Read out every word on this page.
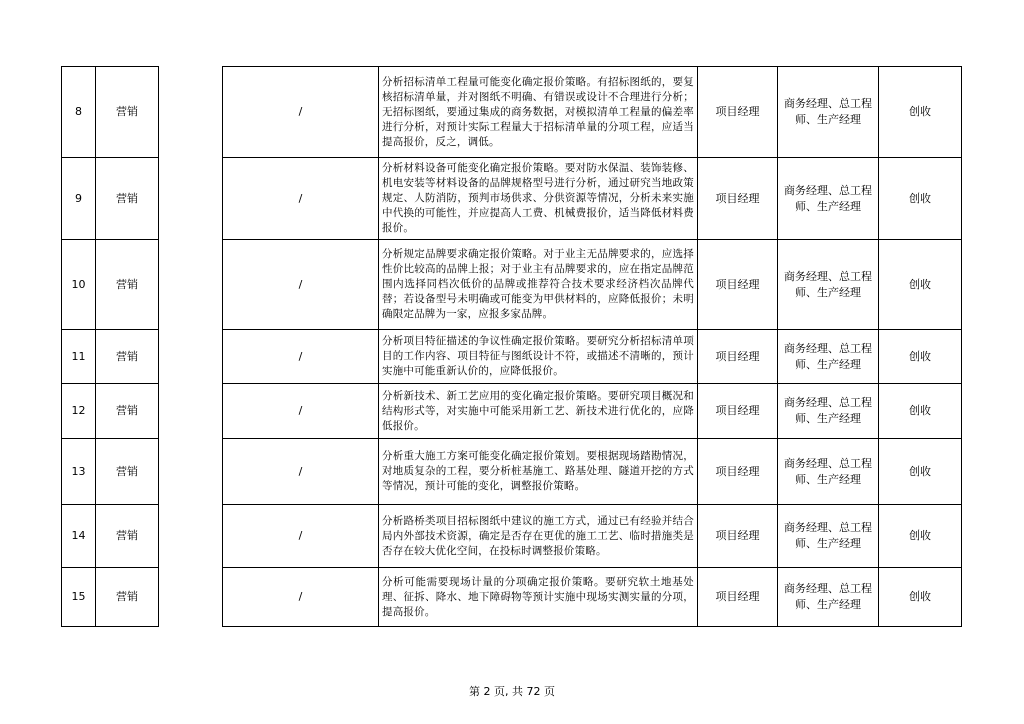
8	营销		/	分析招标清单工程量可能变化确定报价策略。有招标图纸的，要复核招标清单量，并对图纸不明确、有错误或设计不合理进行分析；无招标图纸，要通过集成的商务数据，对模拟清单工程量的偏差率进行分析，对预计实际工程量大于招标清单量的分项工程，应适当提高报价，反之，调低。	项目经理	商务经理、总工程师、生产经理	创收
9	营销		/	分析材料设备可能变化确定报价策略。要对防水保温、装饰装修、机电安装等材料设备的品牌规格型号进行分析，通过研究当地政策规定、人防消防，预判市场供求、分供资源等情况，分析未来实施中代换的可能性，并应提高人工费、机械费报价，适当降低材料费报价。	项目经理	商务经理、总工程师、生产经理	创收
10	营销		/	分析规定品牌要求确定报价策略。对于业主无品牌要求的，应选择性价比较高的品牌上报；对于业主有品牌要求的，应在指定品牌范围内选择同档次低价的品牌或推荐符合技术要求经济档次品牌代替；若设备型号未明确或可能变为甲供材料的，应降低报价；未明确限定品牌为一家，应报多家品牌。	项目经理	商务经理、总工程师、生产经理	创收
11	营销		/	分析项目特征描述的争议性确定报价策略。要研究分析招标清单项目的工作内容、项目特征与图纸设计不符，或描述不清晰的，预计实施中可能重新认价的，应降低报价。	项目经理	商务经理、总工程师、生产经理	创收
12	营销		/	分析新技术、新工艺应用的变化确定报价策略。要研究项目概况和结构形式等，对实施中可能采用新工艺、新技术进行优化的，应降低报价。	项目经理	商务经理、总工程师、生产经理	创收
13	营销		/	分析重大施工方案可能变化确定报价策划。要根据现场踏勘情况，对地质复杂的工程，要分析桩基施工、路基处理、隧道开挖的方式等情况，预计可能的变化，调整报价策略。	项目经理	商务经理、总工程师、生产经理	创收
14	营销		/	分析路桥类项目招标图纸中建议的施工方式，通过已有经验并结合局内外部技术资源，确定是否存在更优的施工工艺、临时措施类是否存在较大优化空间，在投标时调整报价策略。	项目经理	商务经理、总工程师、生产经理	创收
15	营销		/	分析可能需要现场计量的分项确定报价策略。要研究软土地基处理、征拆、降水、地下障碍物等预计实施中现场实测实量的分项，提高报价。	项目经理	商务经理、总工程师、生产经理	创收
第 2 页, 共 72 页
